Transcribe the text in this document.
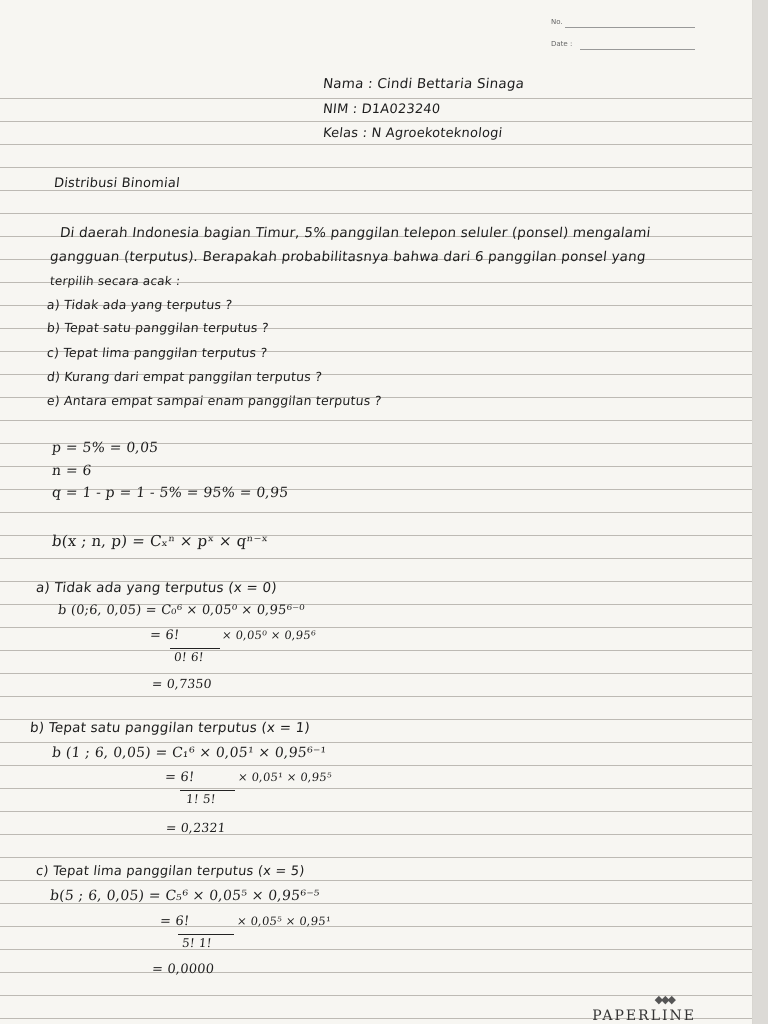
No.
Date :
Nama : Cindi Bettaria Sinaga
NIM : D1A023240
Kelas : N Agroekoteknologi
Distribusi Binomial
Di daerah Indonesia bagian Timur, 5% panggilan telepon seluler (ponsel) mengalami
gangguan (terputus). Berapakah probabilitasnya bahwa dari 6 panggilan ponsel yang
terpilih secara acak :
a) Tidak ada yang terputus ?
b) Tepat satu panggilan terputus ?
c) Tepat lima panggilan terputus ?
d) Kurang dari empat panggilan terputus ?
e) Antara empat sampai enam panggilan terputus ?
p = 5% = 0,05
n = 6
q = 1 - p = 1 - 5% = 95% = 0,95
b(x ; n, p) = Cₓⁿ × pˣ × qⁿ⁻ˣ
a) Tidak ada yang terputus (x = 0)
b (0;6, 0,05) = C₀⁶ × 0,05⁰ × 0,95⁶⁻⁰
= 6!	× 0,05⁰ × 0,95⁶
0! 6!
= 0,7350
b) Tepat satu panggilan terputus (x = 1)
b (1 ; 6, 0,05) = C₁⁶ × 0,05¹ × 0,95⁶⁻¹
= 6!	× 0,05¹ × 0,95⁵
1! 5!
= 0,2321
c) Tepat lima panggilan terputus (x = 5)
b(5 ; 6, 0,05) = C₅⁶ × 0,05⁵ × 0,95⁶⁻⁵
= 6!	× 0,05⁵ × 0,95¹
5! 1!
= 0,0000
◆◆◆
PAPERLINE
